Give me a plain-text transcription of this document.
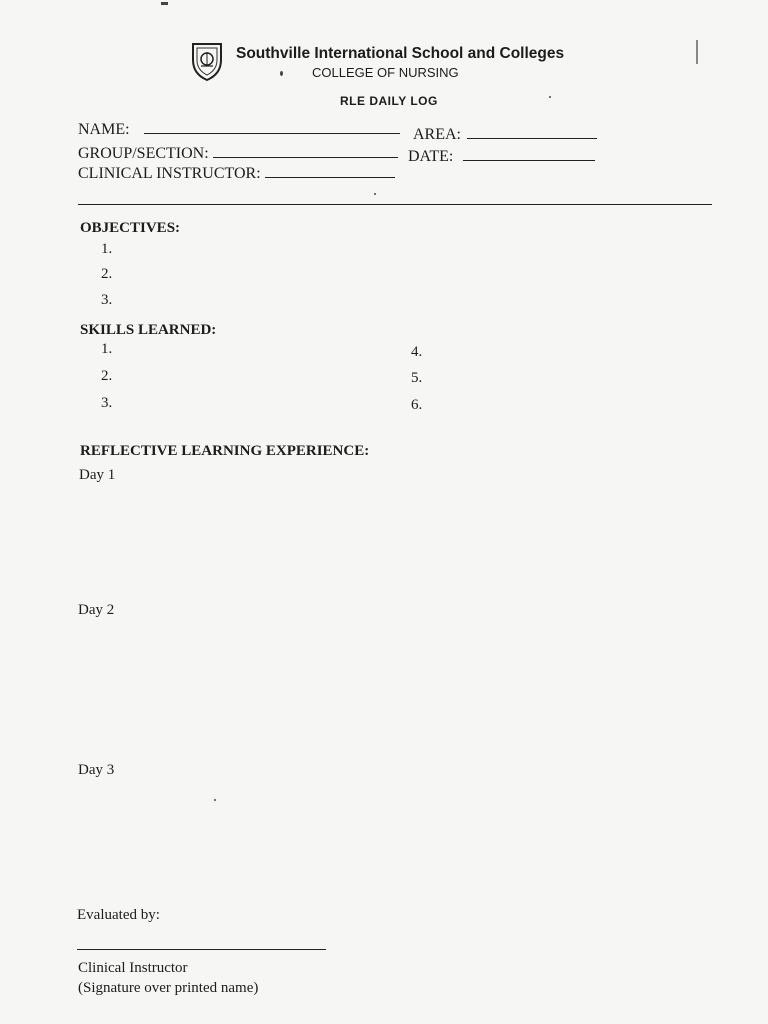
Southville International School and Colleges
COLLEGE OF NURSING
RLE DAILY LOG
NAME:	AREA:
GROUP/SECTION:	DATE:
CLINICAL INSTRUCTOR:
OBJECTIVES:
1.
2.
3.
SKILLS LEARNED:
1.
2.
3.
4.
5.
6.
REFLECTIVE LEARNING EXPERIENCE:
Day 1
Day 2
Day 3
Evaluated by:
Clinical Instructor
(Signature over printed name)
